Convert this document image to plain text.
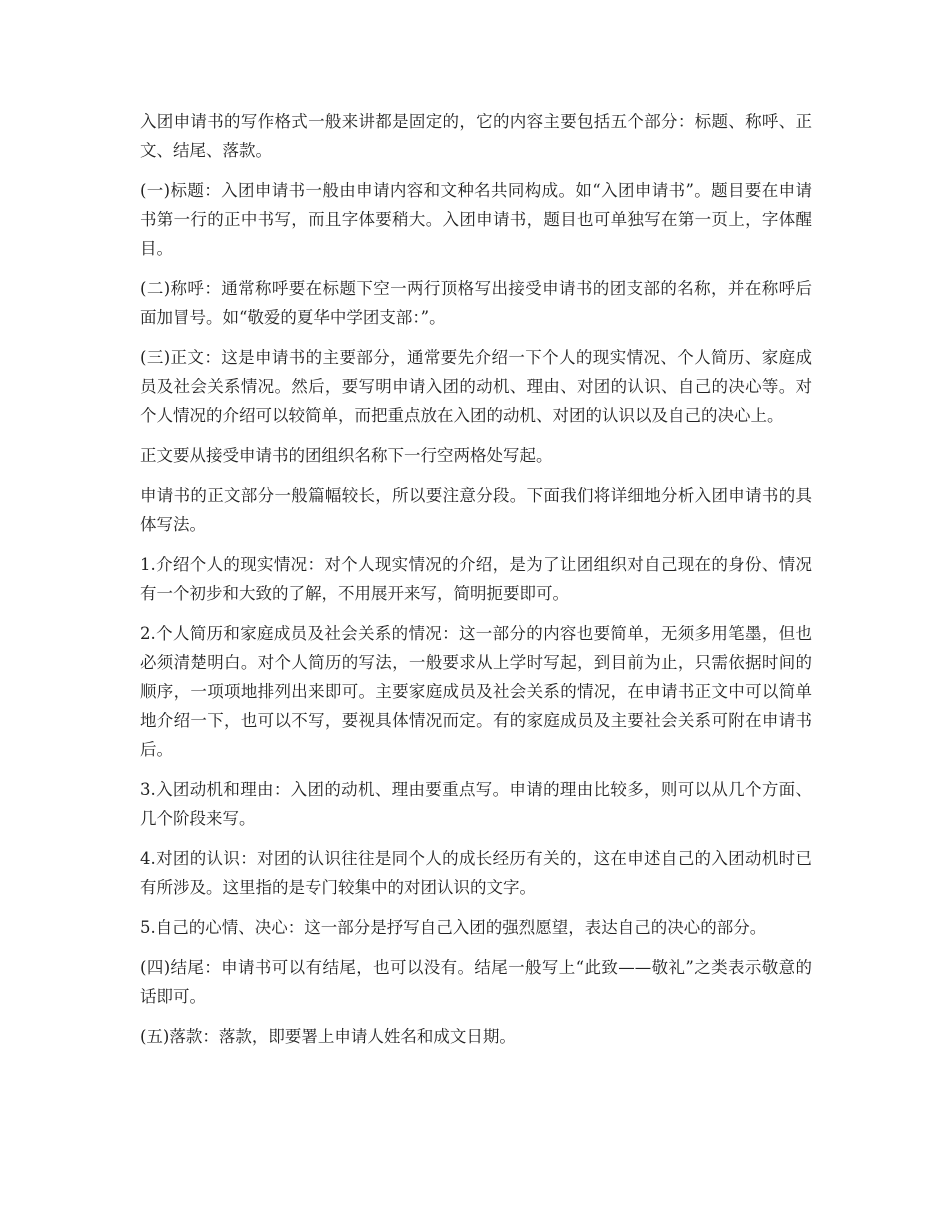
入团申请书的写作格式一般来讲都是固定的，它的内容主要包括五个部分：标题、称呼、正文、结尾、落款。

(一)标题：入团申请书一般由申请内容和文种名共同构成。如“入团申请书”。题目要在申请书第一行的正中书写，而且字体要稍大。入团申请书，题目也可单独写在第一页上，字体醒目。

(二)称呼：通常称呼要在标题下空一两行顶格写出接受申请书的团支部的名称，并在称呼后面加冒号。如“敬爱的夏华中学团支部：”。

(三)正文：这是申请书的主要部分，通常要先介绍一下个人的现实情况、个人简历、家庭成员及社会关系情况。然后，要写明申请入团的动机、理由、对团的认识、自己的决心等。对个人情况的介绍可以较简单，而把重点放在入团的动机、对团的认识以及自己的决心上。

正文要从接受申请书的团组织名称下一行空两格处写起。

申请书的正文部分一般篇幅较长，所以要注意分段。下面我们将详细地分析入团申请书的具体写法。

1.介绍个人的现实情况：对个人现实情况的介绍，是为了让团组织对自己现在的身份、情况有一个初步和大致的了解，不用展开来写，简明扼要即可。

2.个人简历和家庭成员及社会关系的情况：这一部分的内容也要简单，无须多用笔墨，但也必须清楚明白。对个人简历的写法，一般要求从上学时写起，到目前为止，只需依据时间的顺序，一项项地排列出来即可。主要家庭成员及社会关系的情况，在申请书正文中可以简单地介绍一下，也可以不写，要视具体情况而定。有的家庭成员及主要社会关系可附在申请书后。

3.入团动机和理由：入团的动机、理由要重点写。申请的理由比较多，则可以从几个方面、几个阶段来写。

4.对团的认识：对团的认识往往是同个人的成长经历有关的，这在申述自己的入团动机时已有所涉及。这里指的是专门较集中的对团认识的文字。

5.自己的心情、决心：这一部分是抒写自己入团的强烈愿望，表达自己的决心的部分。

(四)结尾：申请书可以有结尾，也可以没有。结尾一般写上“此致——敬礼”之类表示敬意的话即可。

(五)落款：落款，即要署上申请人姓名和成文日期。
